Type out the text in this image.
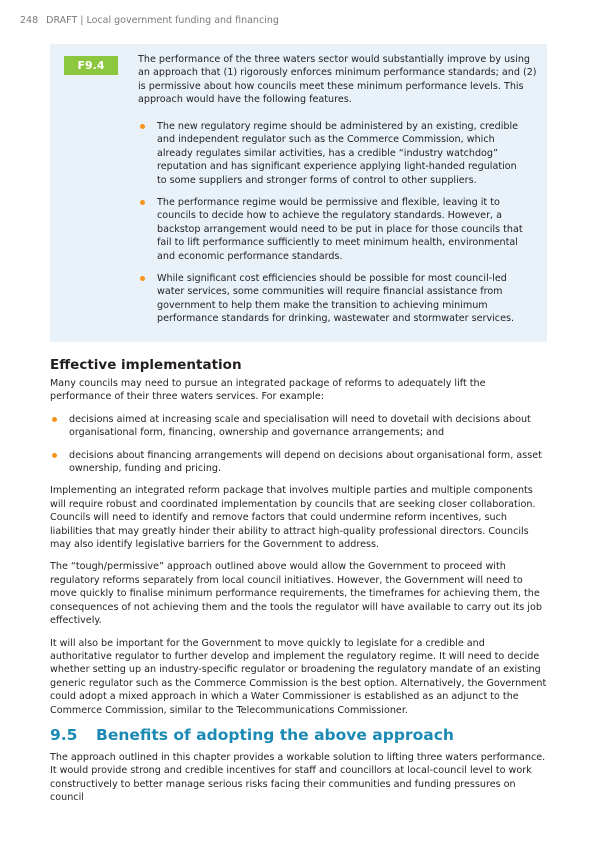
248 DRAFT | Local government funding and financing
F9.4	The performance of the three waters sector would substantially improve by using an approach that (1) rigorously enforces minimum performance standards; and (2) is permissive about how councils meet these minimum performance levels. This approach would have the following features.

The new regulatory regime should be administered by an existing, credible and independent regulator such as the Commerce Commission, which already regulates similar activities, has a credible “industry watchdog” reputation and has significant experience applying light-handed regulation to some suppliers and stronger forms of control to other suppliers.
The performance regime would be permissive and flexible, leaving it to councils to decide how to achieve the regulatory standards. However, a backstop arrangement would need to be put in place for those councils that fail to lift performance sufficiently to meet minimum health, environmental and economic performance standards.
While significant cost efficiencies should be possible for most council-led water services, some communities will require financial assistance from government to help them make the transition to achieving minimum performance standards for drinking, wastewater and stormwater services.
Effective implementation

Many councils may need to pursue an integrated package of reforms to adequately lift the performance of their three waters services. For example:

decisions aimed at increasing scale and specialisation will need to dovetail with decisions about organisational form, financing, ownership and governance arrangements; and
decisions about financing arrangements will depend on decisions about organisational form, asset ownership, funding and pricing.

Implementing an integrated reform package that involves multiple parties and multiple components will require robust and coordinated implementation by councils that are seeking closer collaboration. Councils will need to identify and remove factors that could undermine reform incentives, such liabilities that may greatly hinder their ability to attract high-quality professional directors. Councils may also identify legislative barriers for the Government to address.

The “tough/permissive” approach outlined above would allow the Government to proceed with regulatory reforms separately from local council initiatives. However, the Government will need to move quickly to finalise minimum performance requirements, the timeframes for achieving them, the consequences of not achieving them and the tools the regulator will have available to carry out its job effectively.

It will also be important for the Government to move quickly to legislate for a credible and authoritative regulator to further develop and implement the regulatory regime. It will need to decide whether setting up an industry-specific regulator or broadening the regulatory mandate of an existing generic regulator such as the Commerce Commission is the best option. Alternatively, the Government could adopt a mixed approach in which a Water Commissioner is established as an adjunct to the Commerce Commission, similar to the Telecommunications Commissioner.

9.5	Benefits of adopting the above approach

The approach outlined in this chapter provides a workable solution to lifting three waters performance. It would provide strong and credible incentives for staff and councillors at local-council level to work constructively to better manage serious risks facing their communities and funding pressures on council
